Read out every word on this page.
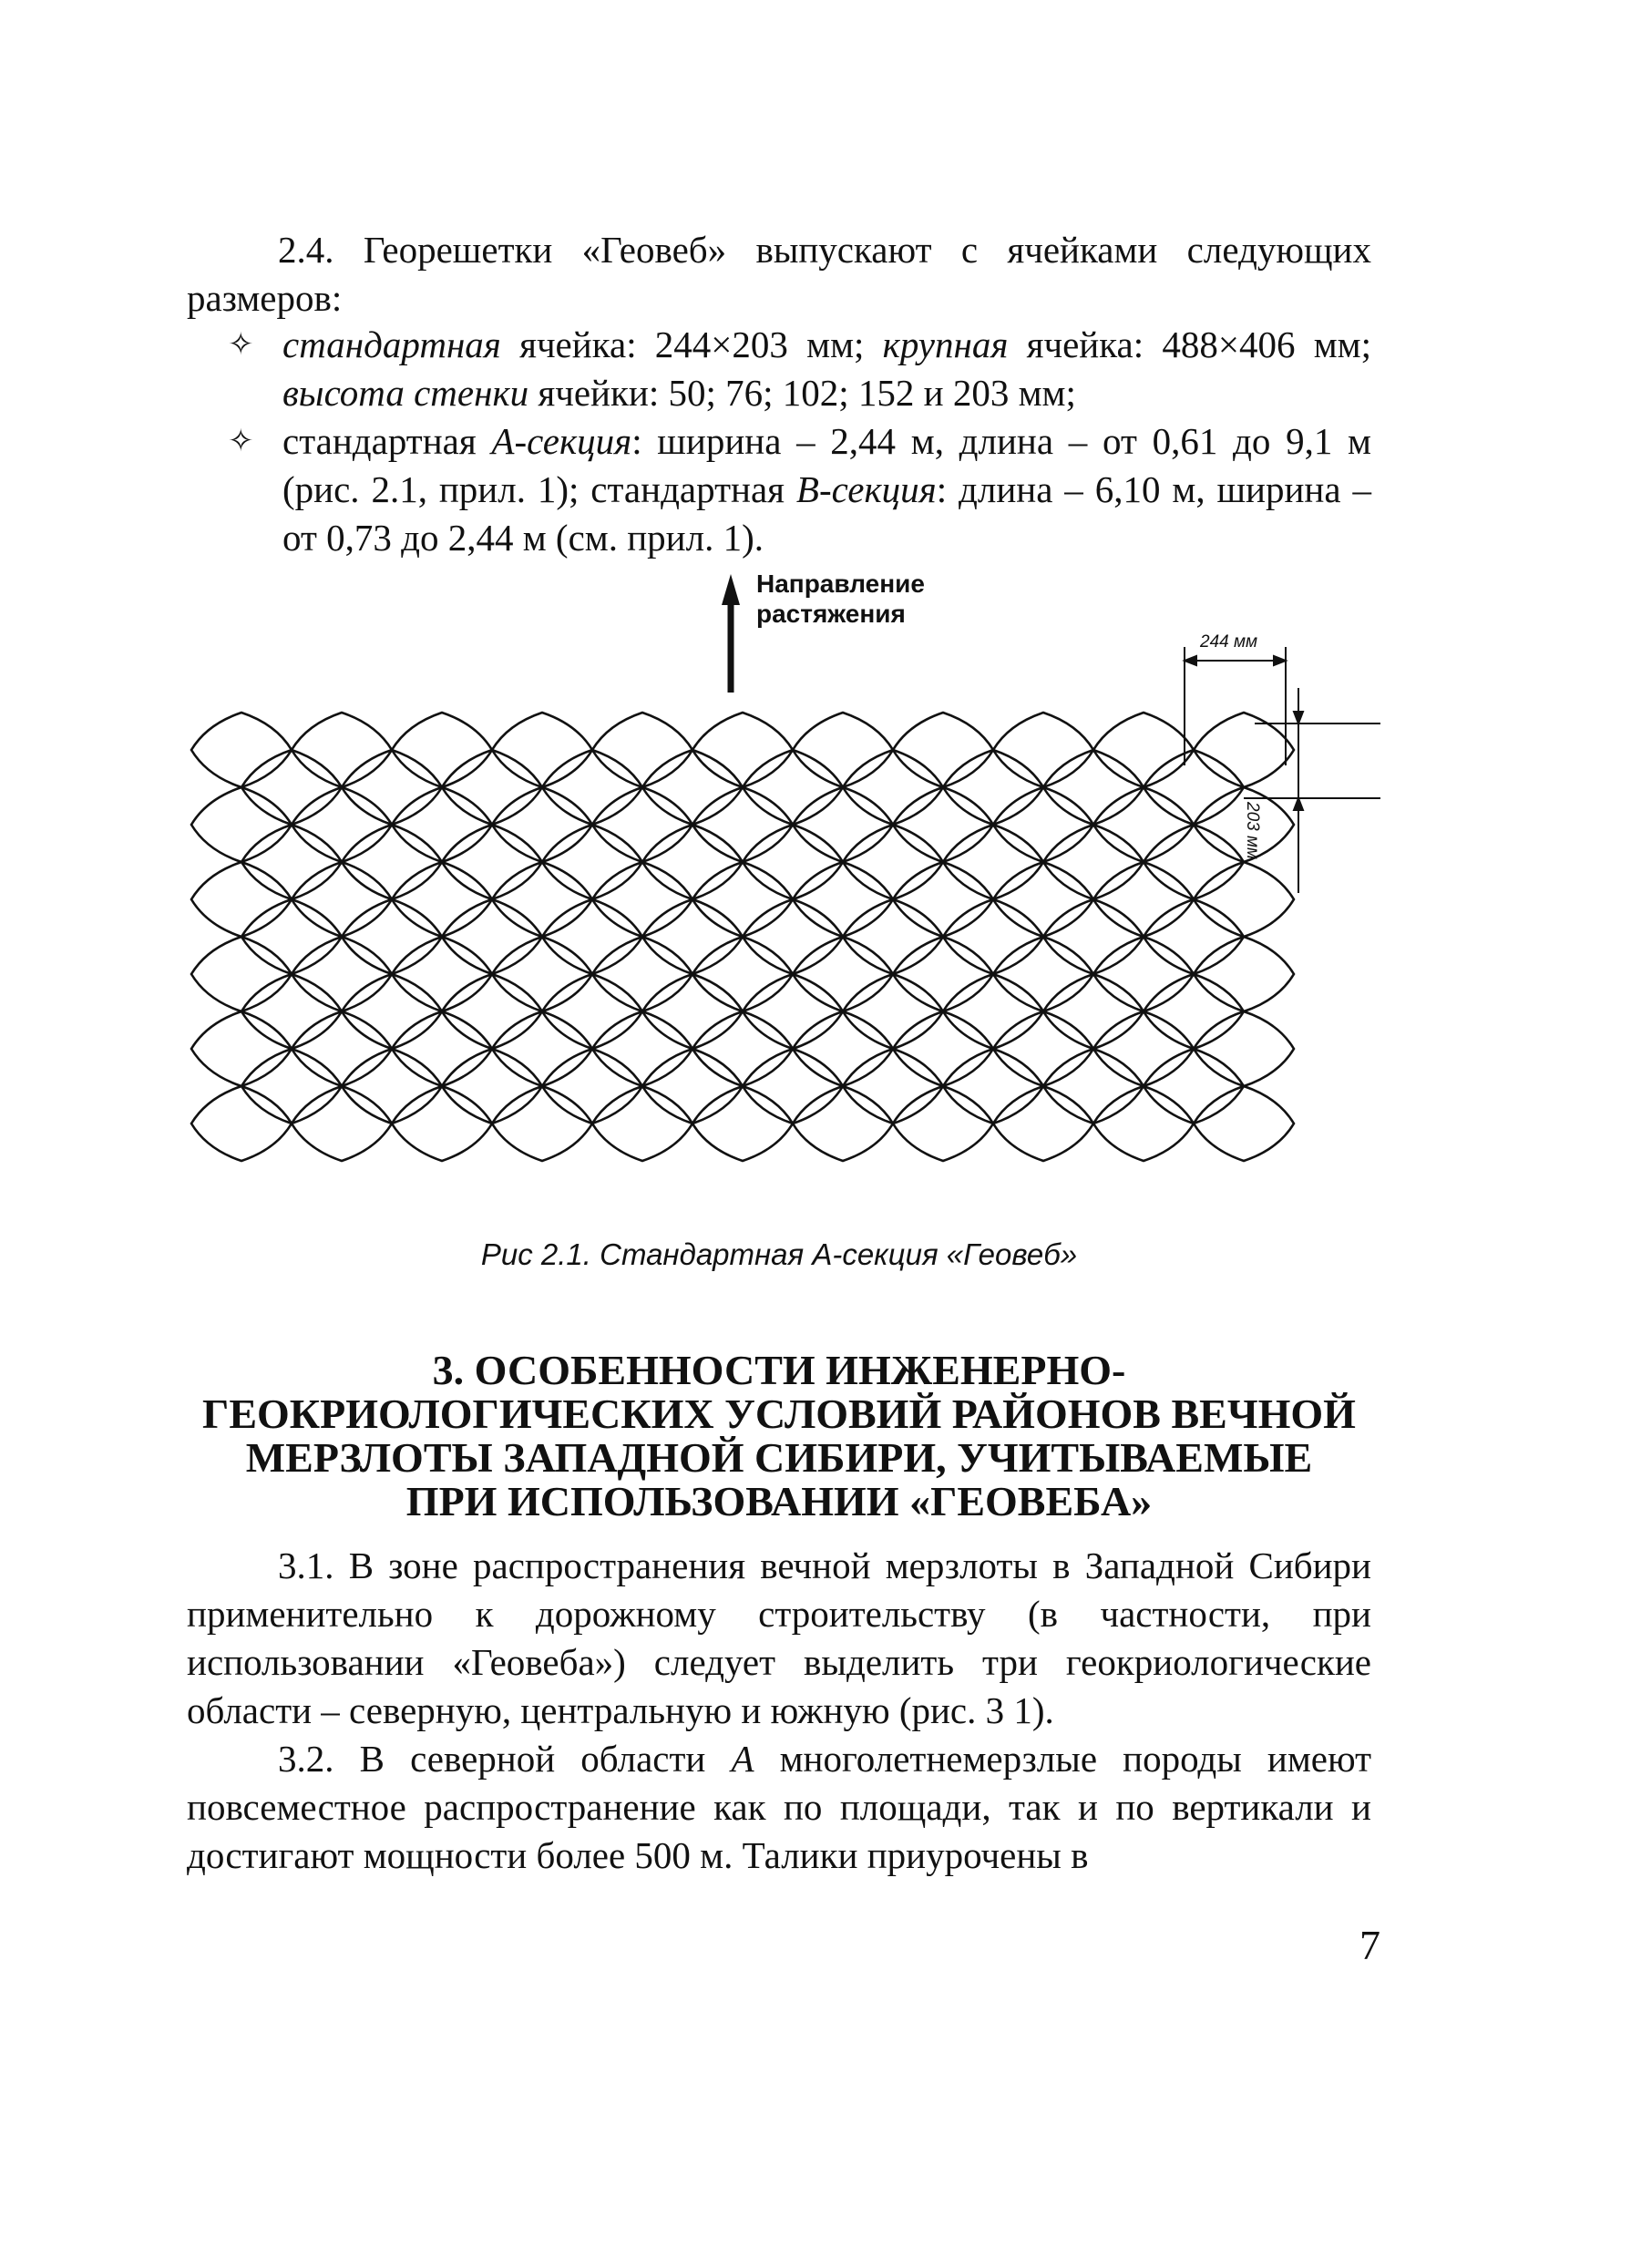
2.4. Георешетки «Геовеб» выпускают с ячейками следующих размеров:

✧ стандартная ячейка: 244×203 мм; крупная ячейка: 488×406 мм; высота стенки ячейки: 50; 76; 102; 152 и 203 мм;
✧ стандартная А-секция: ширина – 2,44 м, длина – от 0,61 до 9,1 м (рис. 2.1, прил. 1); стандартная В-секция: длина – 6,10 м, ширина – от 0,73 до 2,44 м (см. прил. 1).
Направление
растяжения
244 мм
203 мм
Рис 2.1. Стандартная А-секция «Геовеб»
3. ОСОБЕННОСТИ ИНЖЕНЕРНО-
ГЕОКРИОЛОГИЧЕСКИХ УСЛОВИЙ РАЙОНОВ ВЕЧНОЙ
МЕРЗЛОТЫ ЗАПАДНОЙ СИБИРИ, УЧИТЫВАЕМЫЕ
ПРИ ИСПОЛЬЗОВАНИИ «ГЕОВЕБА»

3.1. В зоне распространения вечной мерзлоты в Западной Сибири применительно к дорожному строительству (в частности, при использовании «Геовеба») следует выделить три геокриологические области – северную, центральную и южную (рис. 3 1).

3.2. В северной области А многолетнемерзлые породы имеют повсеместное распространение как по площади, так и по вертикали и достигают мощности более 500 м. Талики приурочены в

7
